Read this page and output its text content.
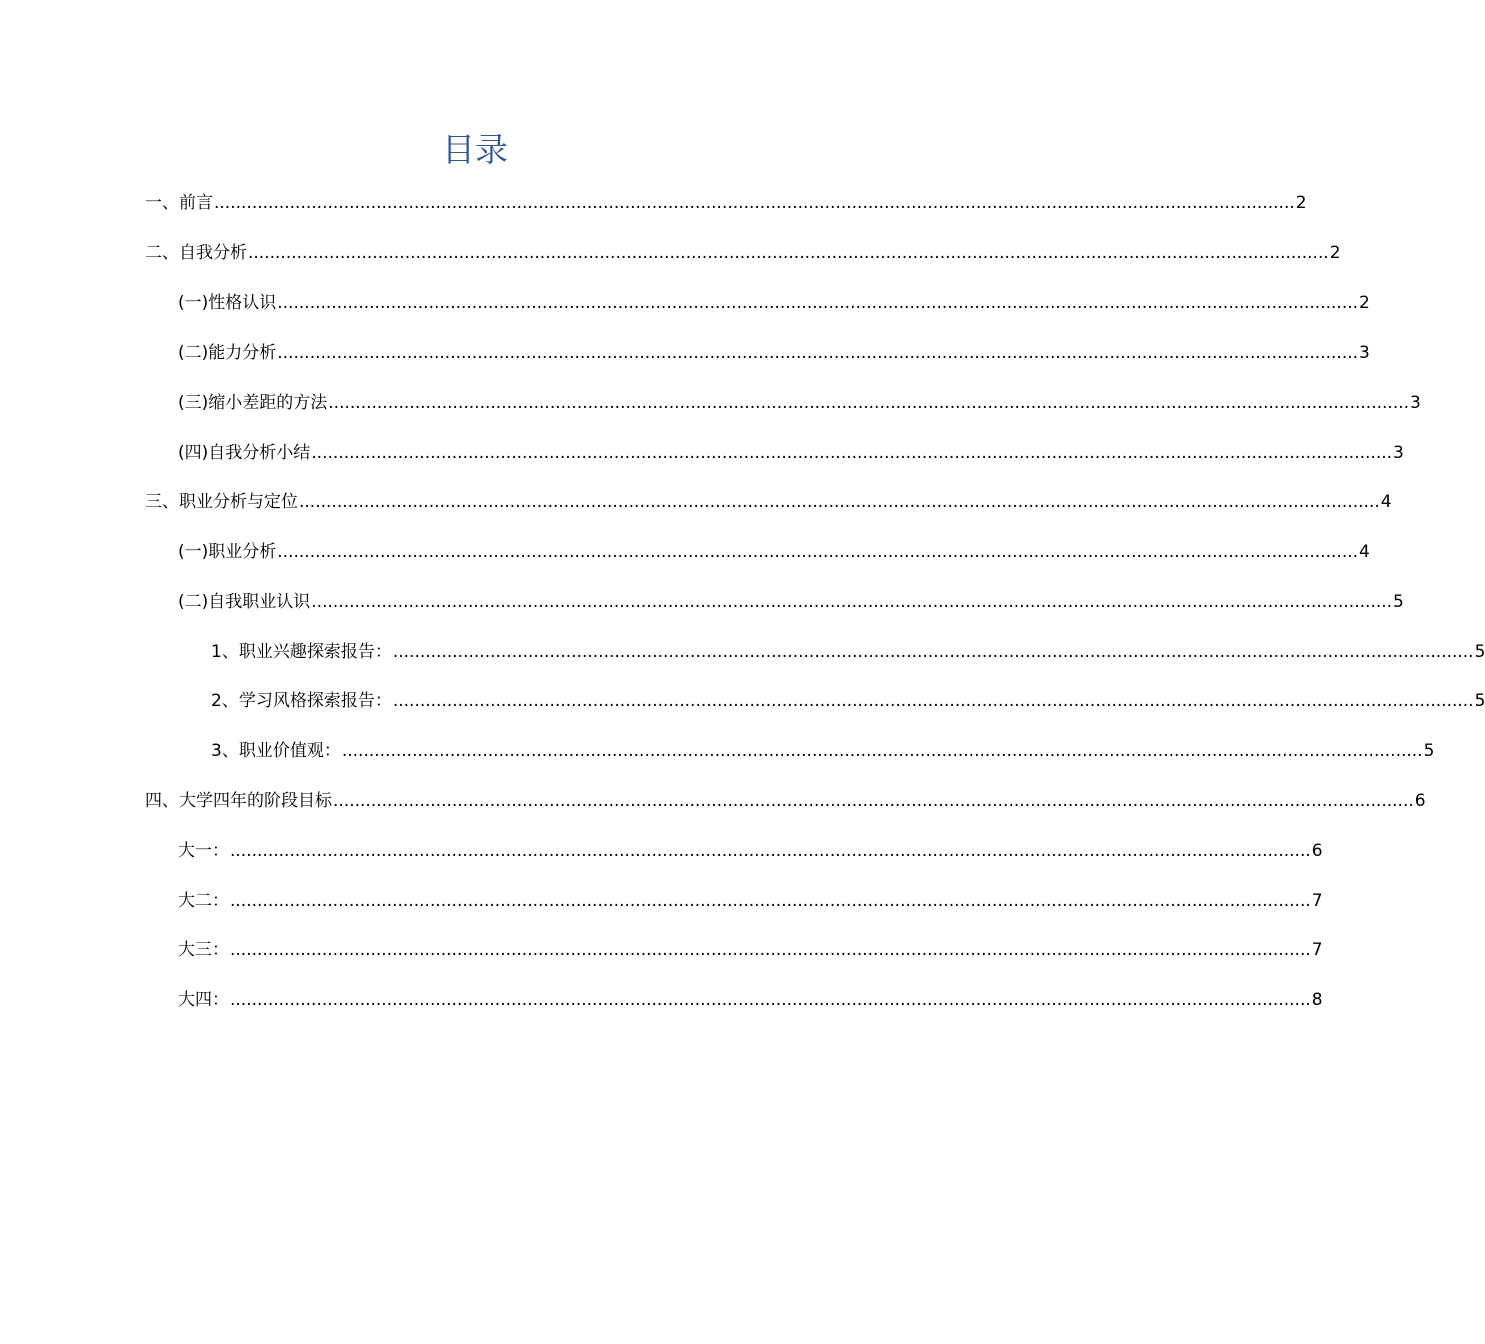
目录
一、前言 ........................................................................................................................................................................................................ 2
二、自我分析 ........................................................................................................................................................................................................ 2
(一)性格认识 ........................................................................................................................................................................................................ 2
(二)能力分析 ........................................................................................................................................................................................................ 3
(三)缩小差距的方法 ........................................................................................................................................................................................................ 3
(四)自我分析小结 ........................................................................................................................................................................................................ 3
三、职业分析与定位 ........................................................................................................................................................................................................ 4
(一)职业分析 ........................................................................................................................................................................................................ 4
(二)自我职业认识 ........................................................................................................................................................................................................ 5
1、职业兴趣探索报告： ........................................................................................................................................................................................................ 5
2、学习风格探索报告： ........................................................................................................................................................................................................ 5
3、职业价值观： ........................................................................................................................................................................................................ 5
四、大学四年的阶段目标 ........................................................................................................................................................................................................ 6
大一： ........................................................................................................................................................................................................ 6
大二： ........................................................................................................................................................................................................ 7
大三： ........................................................................................................................................................................................................ 7
大四： ........................................................................................................................................................................................................ 8
